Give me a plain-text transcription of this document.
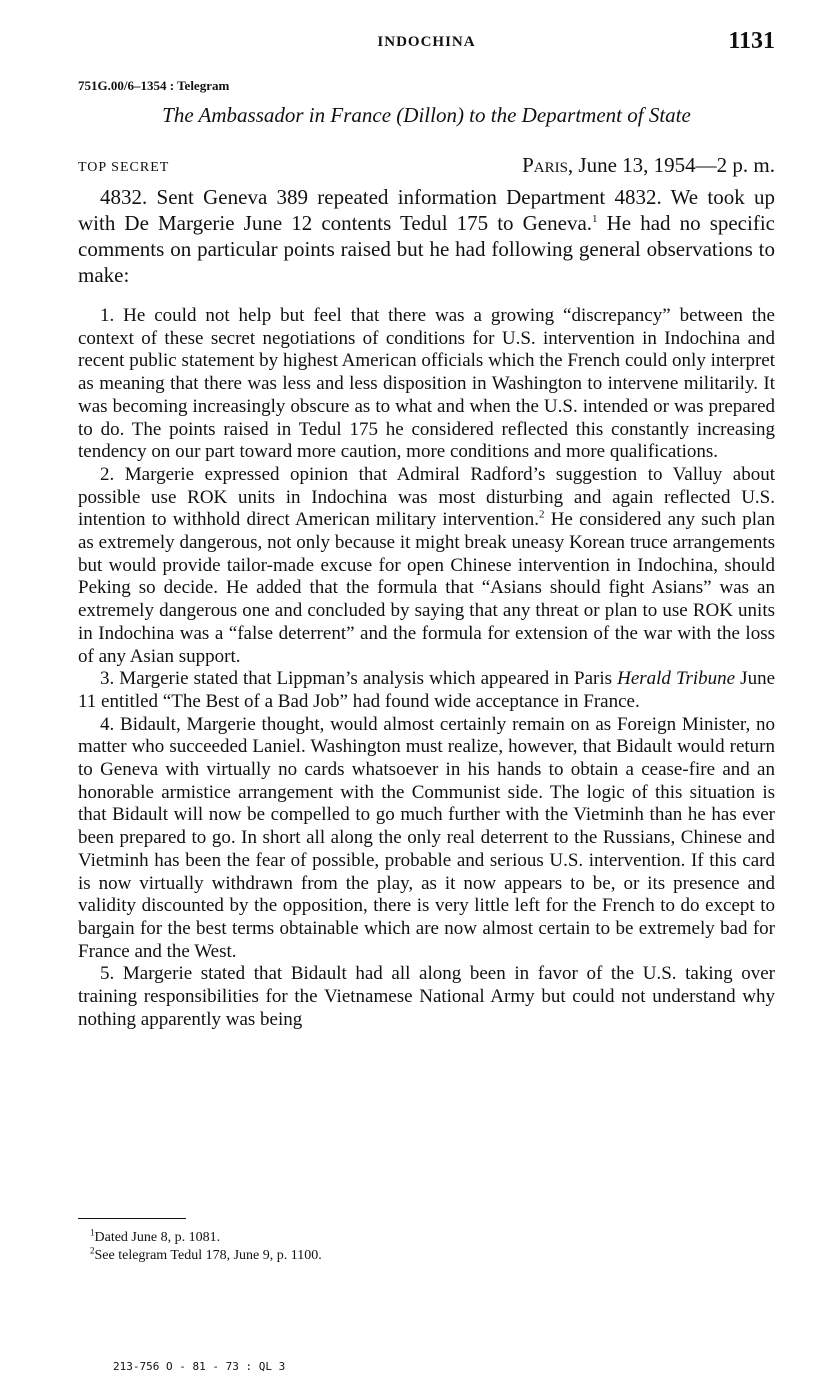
INDOCHINA	1131
751G.00/6–1354 : Telegram
The Ambassador in France (Dillon) to the Department of State
TOP SECRET	Paris, June 13, 1954—2 p. m.

4832. Sent Geneva 389 repeated information Department 4832. We took up with De Margerie June 12 contents Tedul 175 to Geneva.$^1$ He had no specific comments on particular points raised but he had following general observations to make:

1. He could not help but feel that there was a growing “discrepancy” between the context of these secret negotiations of conditions for U.S. intervention in Indochina and recent public statement by highest American officials which the French could only interpret as meaning that there was less and less disposition in Washington to intervene militarily. It was becoming increasingly obscure as to what and when the U.S. intended or was prepared to do. The points raised in Tedul 175 he considered reflected this constantly increasing tendency on our part toward more caution, more conditions and more qualifications.

2. Margerie expressed opinion that Admiral Radford’s suggestion to Valluy about possible use ROK units in Indochina was most disturbing and again reflected U.S. intention to withhold direct American military intervention.$^2$ He considered any such plan as extremely dangerous, not only because it might break uneasy Korean truce arrangements but would provide tailor-made excuse for open Chinese intervention in Indochina, should Peking so decide. He added that the formula that “Asians should fight Asians” was an extremely dangerous one and concluded by saying that any threat or plan to use ROK units in Indochina was a “false deterrent” and the formula for extension of the war with the loss of any Asian support.

3. Margerie stated that Lippman’s analysis which appeared in Paris Herald Tribune June 11 entitled “The Best of a Bad Job” had found wide acceptance in France.

4. Bidault, Margerie thought, would almost certainly remain on as Foreign Minister, no matter who succeeded Laniel. Washington must realize, however, that Bidault would return to Geneva with virtually no cards whatsoever in his hands to obtain a cease-fire and an honorable armistice arrangement with the Communist side. The logic of this situation is that Bidault will now be compelled to go much further with the Vietminh than he has ever been prepared to go. In short all along the only real deterrent to the Russians, Chinese and Vietminh has been the fear of possible, probable and serious U.S. intervention. If this card is now virtually withdrawn from the play, as it now appears to be, or its presence and validity discounted by the opposition, there is very little left for the French to do except to bargain for the best terms obtainable which are now almost certain to be extremely bad for France and the West.

5. Margerie stated that Bidault had all along been in favor of the U.S. taking over training responsibilities for the Vietnamese National Army but could not understand why nothing apparently was being

$^1$Dated June 8, p. 1081.

$^2$See telegram Tedul 178, June 9, p. 1100.

213-756 O - 81 - 73 : QL 3
